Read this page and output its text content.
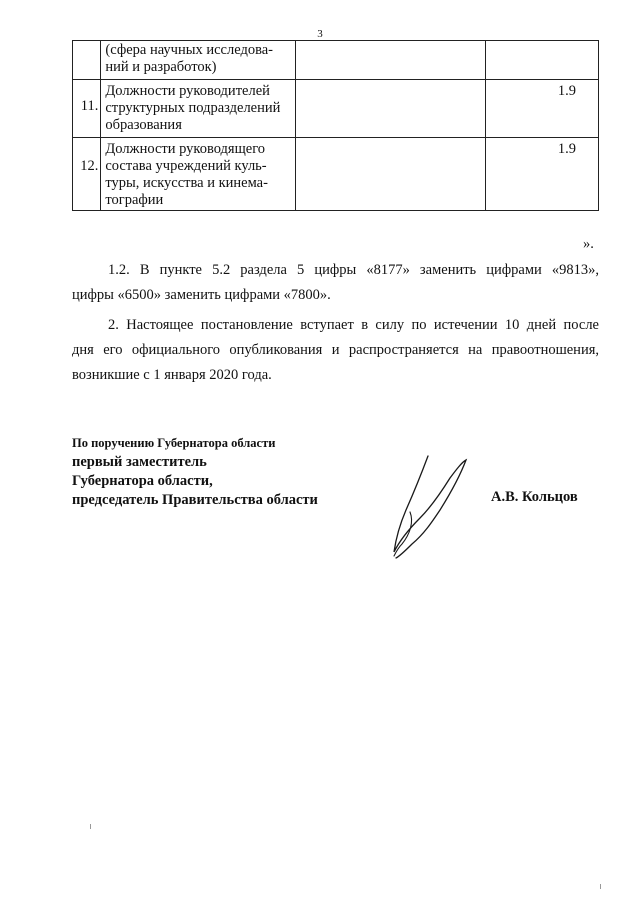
3

	(сфера научных исследова-
ний и разработок)		

11.	Должности руководителей
структурных подразделений
образования		1.9
12.	Должности руководящего
состава учреждений куль-
туры, искусства и кинема-
тографии		1.9
».

1.2. В пункте 5.2 раздела 5 цифры «8177» заменить цифрами «9813»,
цифры «6500» заменить цифрами «7800».

2. Настоящее постановление вступает в силу по истечении 10 дней после
дня его официального опубликования и распространяется на правоотношения,
возникшие с 1 января 2020 года.

По поручению Губернатора области
первый заместитель
Губернатора области,
председатель Правительства области	А.В. Кольцов
